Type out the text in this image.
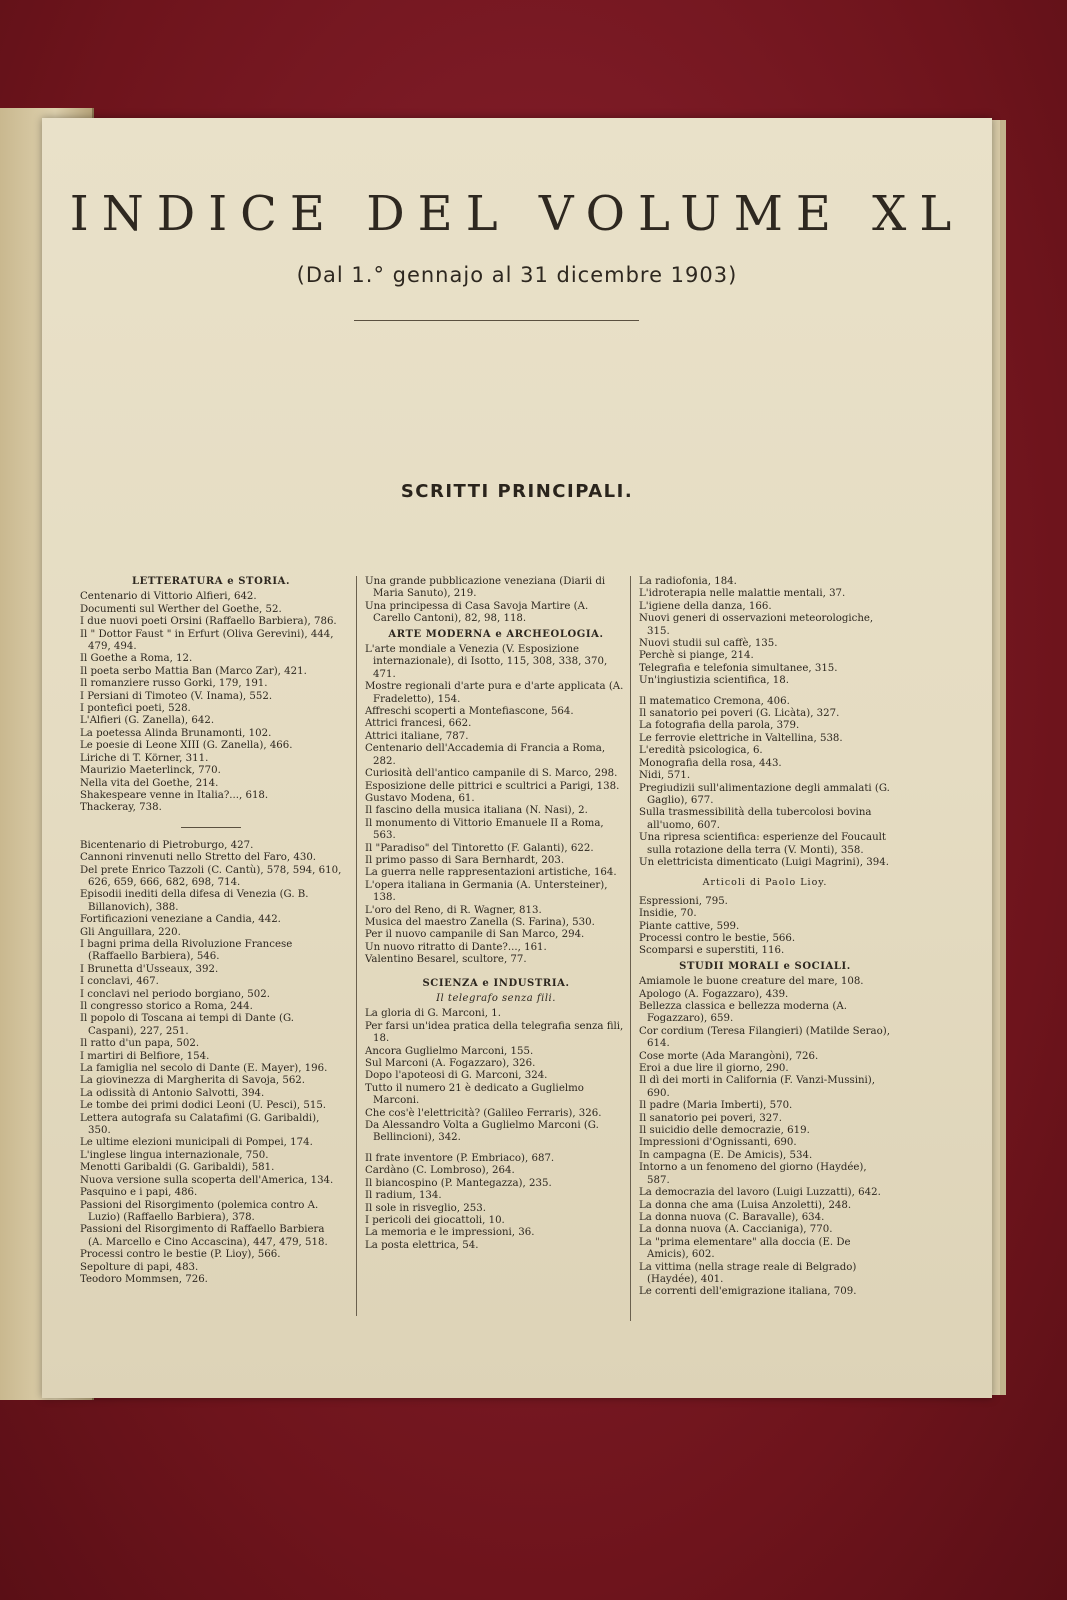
INDICE DEL VOLUME XL
(Dal 1.° gennajo al 31 dicembre 1903)
SCRITTI PRINCIPALI.
LETTERATURA e STORIA.
Centenario di Vittorio Alfieri, 642.
Documenti sul Werther del Goethe, 52.
I due nuovi poeti Orsini (Raffaello Barbiera), 786.
Il " Dottor Faust " in Erfurt (Oliva Gerevini), 444, 479, 494.
Il Goethe a Roma, 12.
Il poeta serbo Mattia Ban (Marco Zar), 421.
Il romanziere russo Gorki, 179, 191.
I Persiani di Timoteo (V. Inama), 552.
I pontefici poeti, 528.
L'Alfieri (G. Zanella), 642.
La poetessa Alinda Brunamonti, 102.
Le poesie di Leone XIII (G. Zanella), 466.
Liriche di T. Körner, 311.
Maurizio Maeterlinck, 770.
Nella vita del Goethe, 214.
Shakespeare venne in Italia?..., 618.
Thackeray, 738.
Bicentenario di Pietroburgo, 427.
Cannoni rinvenuti nello Stretto del Faro, 430.
Del prete Enrico Tazzoli (C. Cantù), 578, 594, 610, 626, 659, 666, 682, 698, 714.
Episodii inediti della difesa di Venezia (G. B. Billanovich), 388.
Fortificazioni veneziane a Candia, 442.
Gli Anguillara, 220.
I bagni prima della Rivoluzione Francese (Raffaello Barbiera), 546.
I Brunetta d'Usseaux, 392.
I conclavi, 467.
I conclavi nel periodo borgiano, 502.
Il congresso storico a Roma, 244.
Il popolo di Toscana ai tempi di Dante (G. Caspani), 227, 251.
Il ratto d'un papa, 502.
I martiri di Belfiore, 154.
La famiglia nel secolo di Dante (E. Mayer), 196.
La giovinezza di Margherita di Savoja, 562.
La odissità di Antonio Salvotti, 394.
Le tombe dei primi dodici Leoni (U. Pesci), 515.
Lettera autografa su Calatafimi (G. Garibaldi), 350.
Le ultime elezioni municipali di Pompei, 174.
L'inglese lingua internazionale, 750.
Menotti Garibaldi (G. Garibaldi), 581.
Nuova versione sulla scoperta dell'America, 134.
Pasquino e i papi, 486.
Passioni del Risorgimento (polemica contro A. Luzio) (Raffaello Barbiera), 378.
Passioni del Risorgimento di Raffaello Barbiera (A. Marcello e Cino Accascina), 447, 479, 518.
Processi contro le bestie (P. Lioy), 566.
Sepolture di papi, 483.
Teodoro Mommsen, 726.
Una grande pubblicazione veneziana (Diarii di Maria Sanuto), 219.
Una principessa di Casa Savoja Martire (A. Carello Cantoni), 82, 98, 118.
ARTE MODERNA e ARCHEOLOGIA.
L'arte mondiale a Venezia (V. Esposizione internazionale), di Isotto, 115, 308, 338, 370, 471.
Mostre regionali d'arte pura e d'arte applicata (A. Fradeletto), 154.
Affreschi scoperti a Montefiascone, 564.
Attrici francesi, 662.
Attrici italiane, 787.
Centenario dell'Accademia di Francia a Roma, 282.
Curiosità dell'antico campanile di S. Marco, 298.
Esposizione delle pittrici e scultrici a Parigi, 138.
Gustavo Modena, 61.
Il fascino della musica italiana (N. Nasi), 2.
Il monumento di Vittorio Emanuele II a Roma, 563.
Il "Paradiso" del Tintoretto (F. Galanti), 622.
Il primo passo di Sara Bernhardt, 203.
La guerra nelle rappresentazioni artistiche, 164.
L'opera italiana in Germania (A. Untersteiner), 138.
L'oro del Reno, di R. Wagner, 813.
Musica del maestro Zanella (S. Farina), 530.
Per il nuovo campanile di San Marco, 294.
Un nuovo ritratto di Dante?..., 161.
Valentino Besarel, scultore, 77.
SCIENZA e INDUSTRIA.
Il telegrafo senza fili.
La gloria di G. Marconi, 1.
Per farsi un'idea pratica della telegrafia senza fili, 18.
Ancora Guglielmo Marconi, 155.
Sul Marconi (A. Fogazzaro), 326.
Dopo l'apoteosi di G. Marconi, 324.
Tutto il numero 21 è dedicato a Guglielmo Marconi.
Che cos'è l'elettricità? (Galileo Ferraris), 326.
Da Alessandro Volta a Guglielmo Marconi (G. Bellincioni), 342.
Il frate inventore (P. Embriaco), 687.
Cardàno (C. Lombroso), 264.
Il biancospino (P. Mantegazza), 235.
Il radium, 134.
Il sole in risveglio, 253.
I pericoli dei giocattoli, 10.
La memoria e le impressioni, 36.
La posta elettrica, 54.
La radiofonia, 184.
L'idroterapia nelle malattie mentali, 37.
L'igiene della danza, 166.
Nuovi generi di osservazioni meteorologiche, 315.
Nuovi studii sul caffè, 135.
Perchè si piange, 214.
Telegrafia e telefonia simultanee, 315.
Un'ingiustizia scientifica, 18.
Il matematico Cremona, 406.
Il sanatorio pei poveri (G. Licàta), 327.
La fotografia della parola, 379.
Le ferrovie elettriche in Valtellina, 538.
L'eredità psicologica, 6.
Monografia della rosa, 443.
Nidi, 571.
Pregiudizii sull'alimentazione degli ammalati (G. Gaglio), 677.
Sulla trasmessibilità della tubercolosi bovina all'uomo, 607.
Una ripresa scientifica: esperienze del Foucault sulla rotazione della terra (V. Monti), 358.
Un elettricista dimenticato (Luigi Magrini), 394.
Articoli di Paolo Lioy.
Espressioni, 795.
Insidie, 70.
Piante cattive, 599.
Processi contro le bestie, 566.
Scomparsi e superstiti, 116.
STUDII MORALI e SOCIALI.
Amiamole le buone creature del mare, 108.
Apologo (A. Fogazzaro), 439.
Bellezza classica e bellezza moderna (A. Fogazzaro), 659.
Cor cordium (Teresa Filangieri) (Matilde Serao), 614.
Cose morte (Ada Marangòni), 726.
Eroi a due lire il giorno, 290.
Il dì dei morti in California (F. Vanzi-Mussini), 690.
Il padre (Maria Imberti), 570.
Il sanatorio pei poveri, 327.
Il suicidio delle democrazie, 619.
Impressioni d'Ognissanti, 690.
In campagna (E. De Amicis), 534.
Intorno a un fenomeno del giorno (Haydée), 587.
La democrazia del lavoro (Luigi Luzzatti), 642.
La donna che ama (Luisa Anzoletti), 248.
La donna nuova (C. Baravalle), 634.
La donna nuova (A. Caccianiga), 770.
La "prima elementare" alla doccia (E. De Amicis), 602.
La vittima (nella strage reale di Belgrado) (Haydée), 401.
Le correnti dell'emigrazione italiana, 709.
